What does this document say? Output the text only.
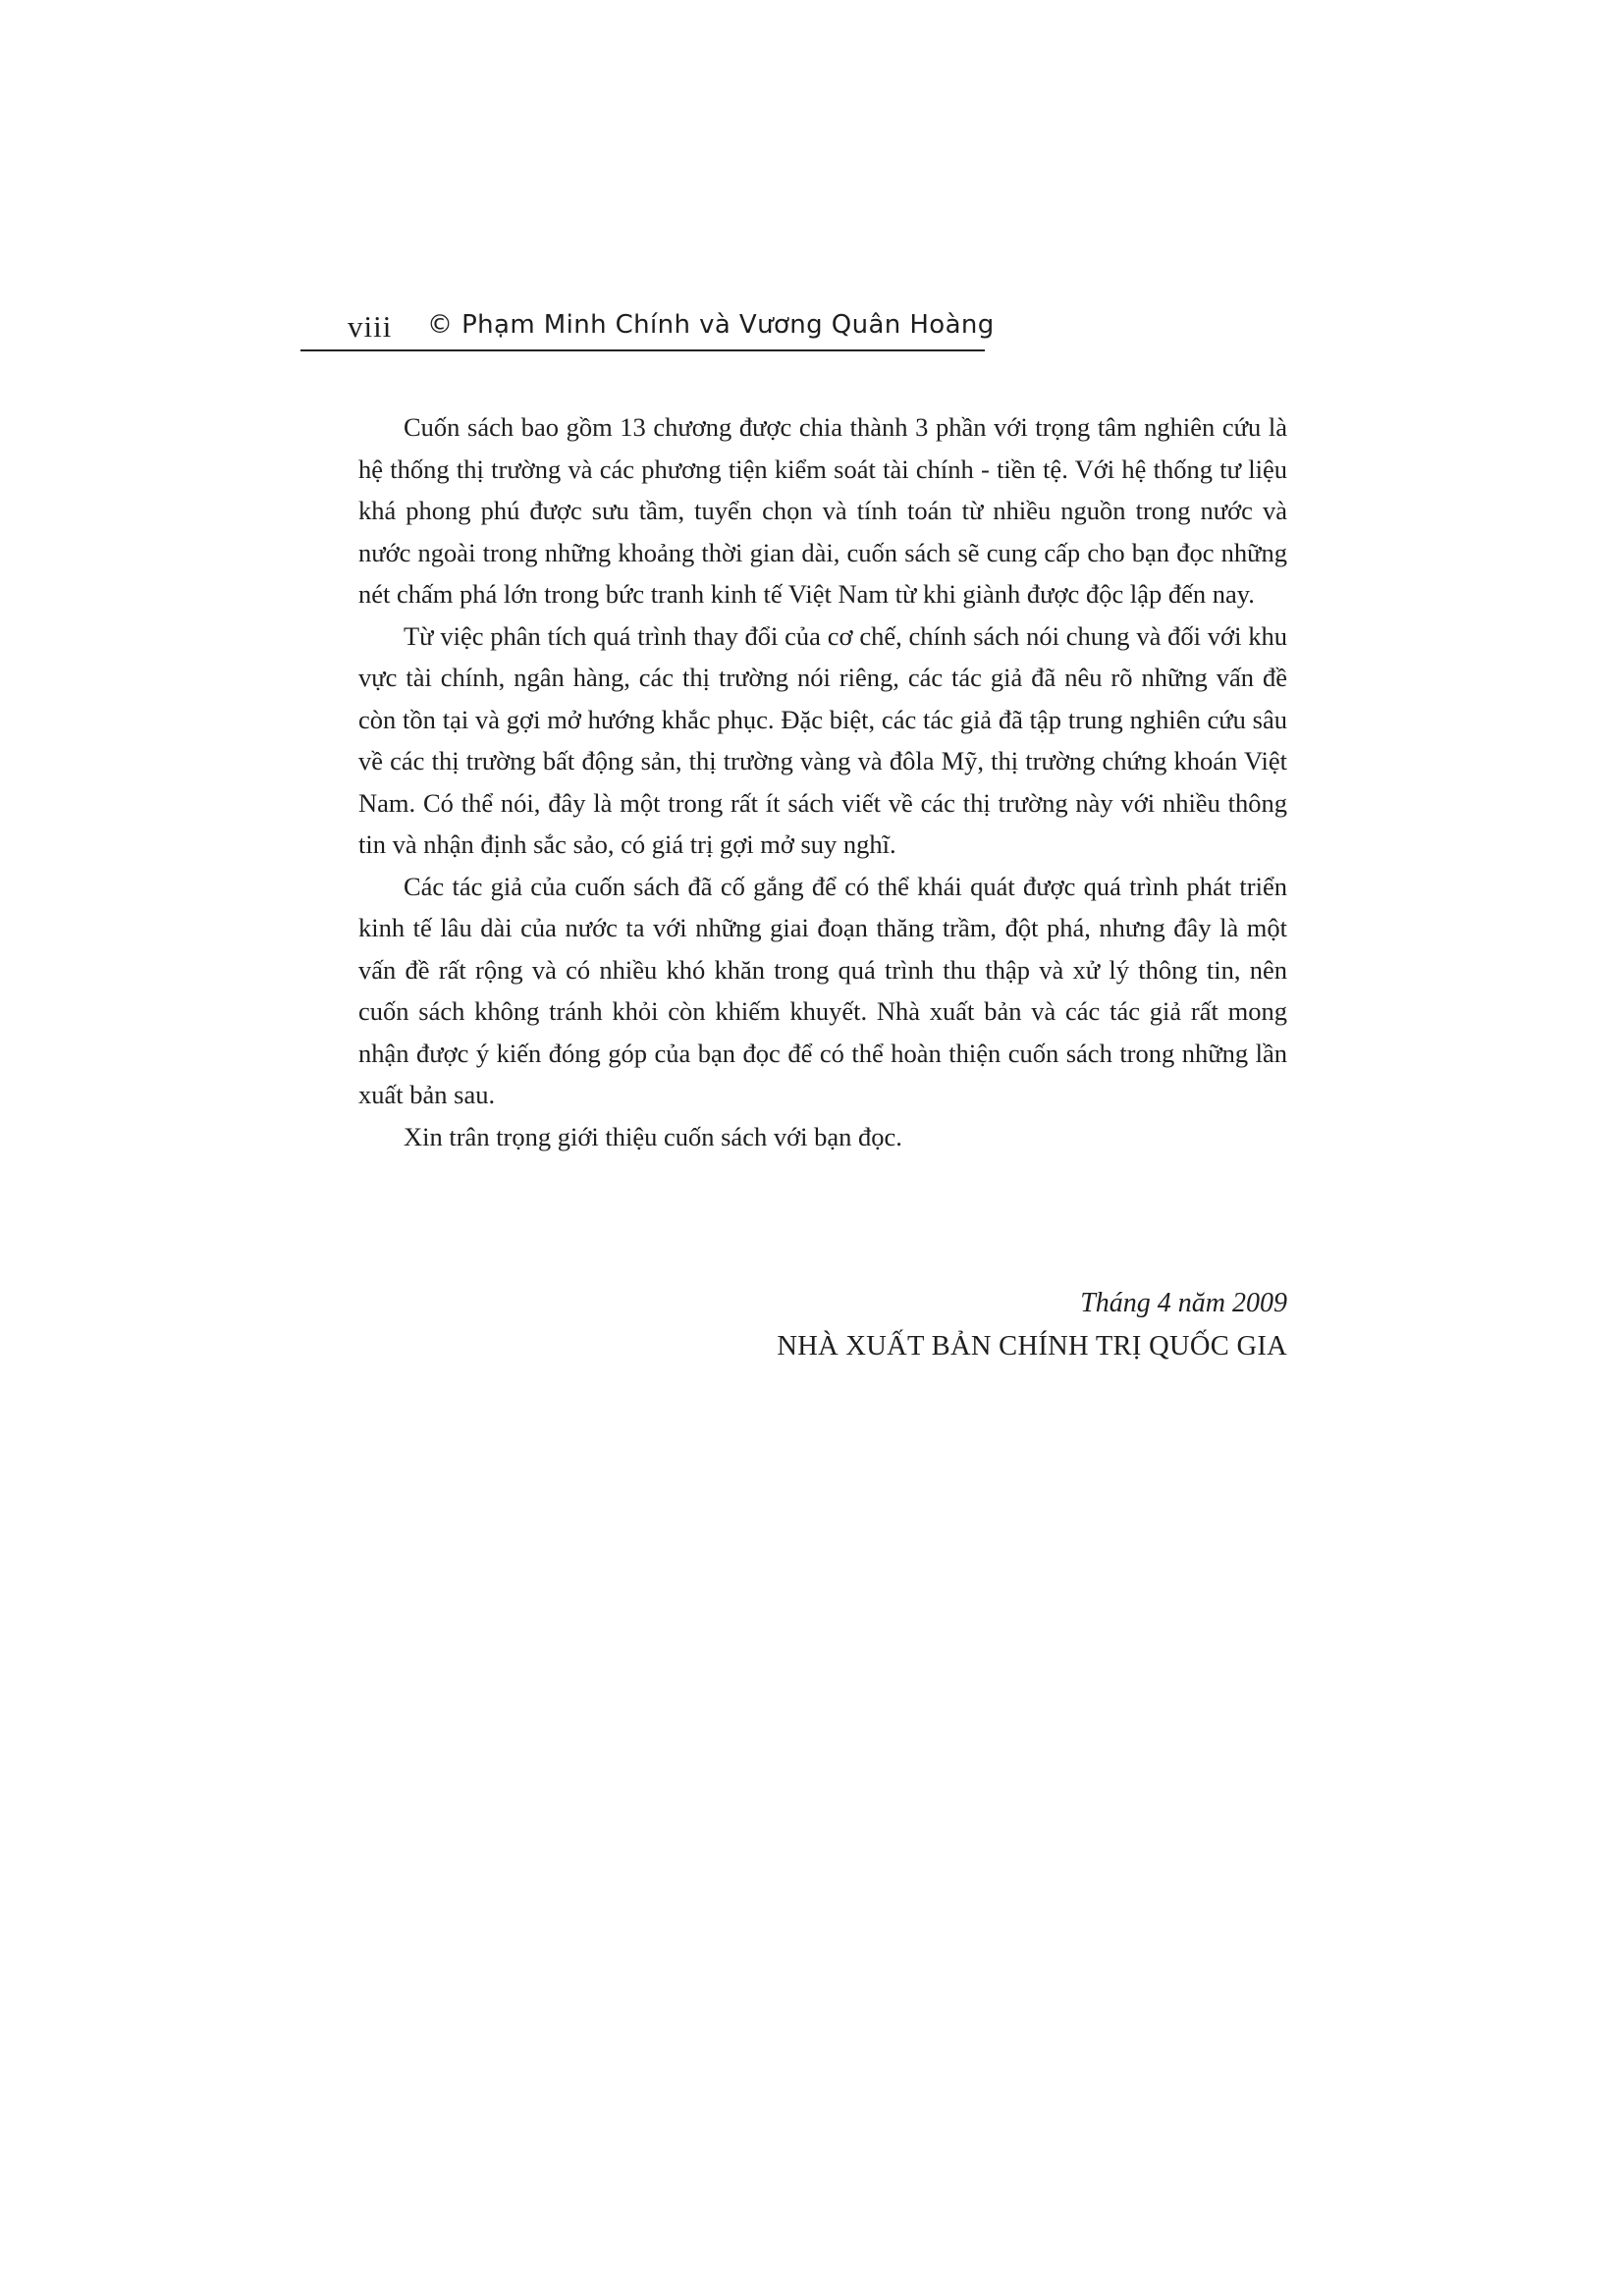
viii © Phạm Minh Chính và Vương Quân Hoàng

Cuốn sách bao gồm 13 chương được chia thành 3 phần với trọng tâm nghiên cứu là hệ thống thị trường và các phương tiện kiểm soát tài chính - tiền tệ. Với hệ thống tư liệu khá phong phú được sưu tầm, tuyển chọn và tính toán từ nhiều nguồn trong nước và nước ngoài trong những khoảng thời gian dài, cuốn sách sẽ cung cấp cho bạn đọc những nét chấm phá lớn trong bức tranh kinh tế Việt Nam từ khi giành được độc lập đến nay.

Từ việc phân tích quá trình thay đổi của cơ chế, chính sách nói chung và đối với khu vực tài chính, ngân hàng, các thị trường nói riêng, các tác giả đã nêu rõ những vấn đề còn tồn tại và gợi mở hướng khắc phục. Đặc biệt, các tác giả đã tập trung nghiên cứu sâu về các thị trường bất động sản, thị trường vàng và đôla Mỹ, thị trường chứng khoán Việt Nam. Có thể nói, đây là một trong rất ít sách viết về các thị trường này với nhiều thông tin và nhận định sắc sảo, có giá trị gợi mở suy nghĩ.

Các tác giả của cuốn sách đã cố gắng để có thể khái quát được quá trình phát triển kinh tế lâu dài của nước ta với những giai đoạn thăng trầm, đột phá, nhưng đây là một vấn đề rất rộng và có nhiều khó khăn trong quá trình thu thập và xử lý thông tin, nên cuốn sách không tránh khỏi còn khiếm khuyết. Nhà xuất bản và các tác giả rất mong nhận được ý kiến đóng góp của bạn đọc để có thể hoàn thiện cuốn sách trong những lần xuất bản sau.

Xin trân trọng giới thiệu cuốn sách với bạn đọc.

Tháng 4 năm 2009
NHÀ XUẤT BẢN CHÍNH TRỊ QUỐC GIA
